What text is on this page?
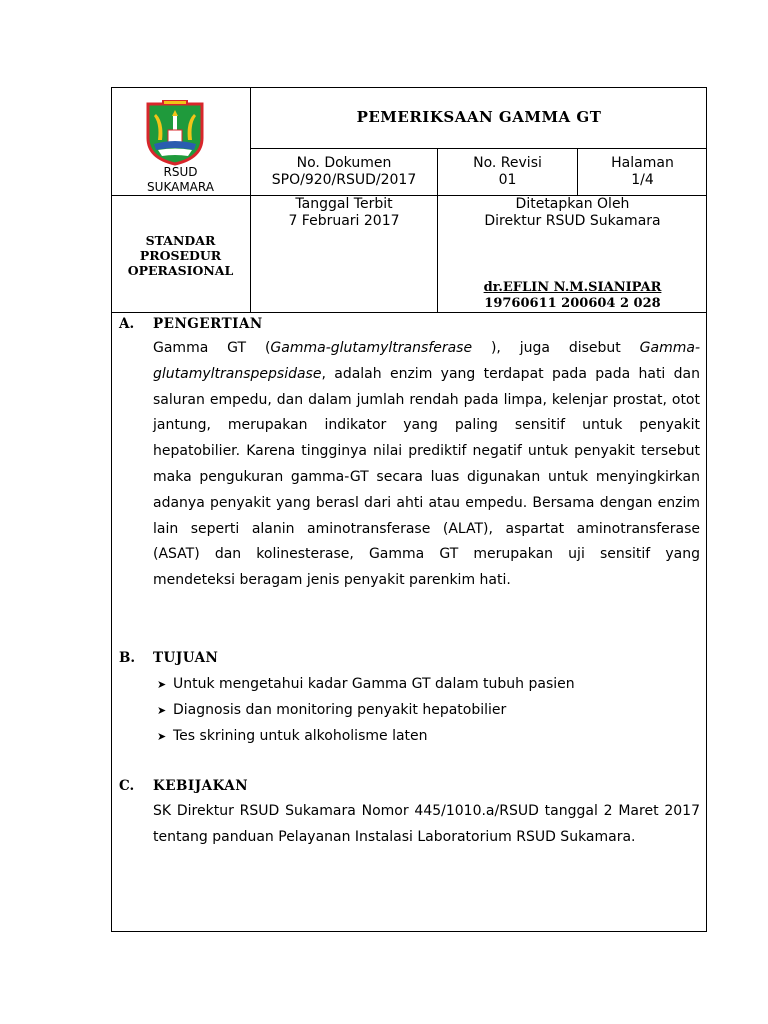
RSUD
SUKAMARA
PEMERIKSAAN GAMMA GT
No. Dokumen
SPO/920/RSUD/2017
No. Revisi
01
Halaman
1/4
STANDAR
PROSEDUR
OPERASIONAL
Tanggal Terbit
7 Februari 2017
Ditetapkan Oleh
Direktur RSUD Sukamara
dr.EFLIN N.M.SIANIPAR
19760611 200604 2 028
A. PENGERTIAN
Gamma GT (Gamma-glutamyltransferase ), juga disebut Gamma-glutamyltranspepsidase, adalah enzim yang terdapat pada pada hati dan saluran empedu, dan dalam jumlah rendah pada limpa, kelenjar prostat, otot jantung, merupakan indikator yang paling sensitif untuk penyakit hepatobilier. Karena tingginya nilai prediktif negatif untuk penyakit tersebut maka pengukuran gamma-GT secara luas digunakan untuk menyingkirkan adanya penyakit yang berasl dari ahti atau empedu. Bersama dengan enzim lain seperti alanin aminotransferase (ALAT), aspartat aminotransferase (ASAT) dan kolinesterase, Gamma GT merupakan uji sensitif yang mendeteksi beragam jenis penyakit parenkim hati.
B. TUJUAN
➤ Untuk mengetahui kadar Gamma GT dalam tubuh pasien
➤ Diagnosis dan monitoring penyakit hepatobilier
➤ Tes skrining untuk alkoholisme laten
C. KEBIJAKAN
SK Direktur RSUD Sukamara Nomor 445/1010.a/RSUD tanggal 2 Maret 2017 tentang panduan Pelayanan Instalasi Laboratorium RSUD Sukamara.
